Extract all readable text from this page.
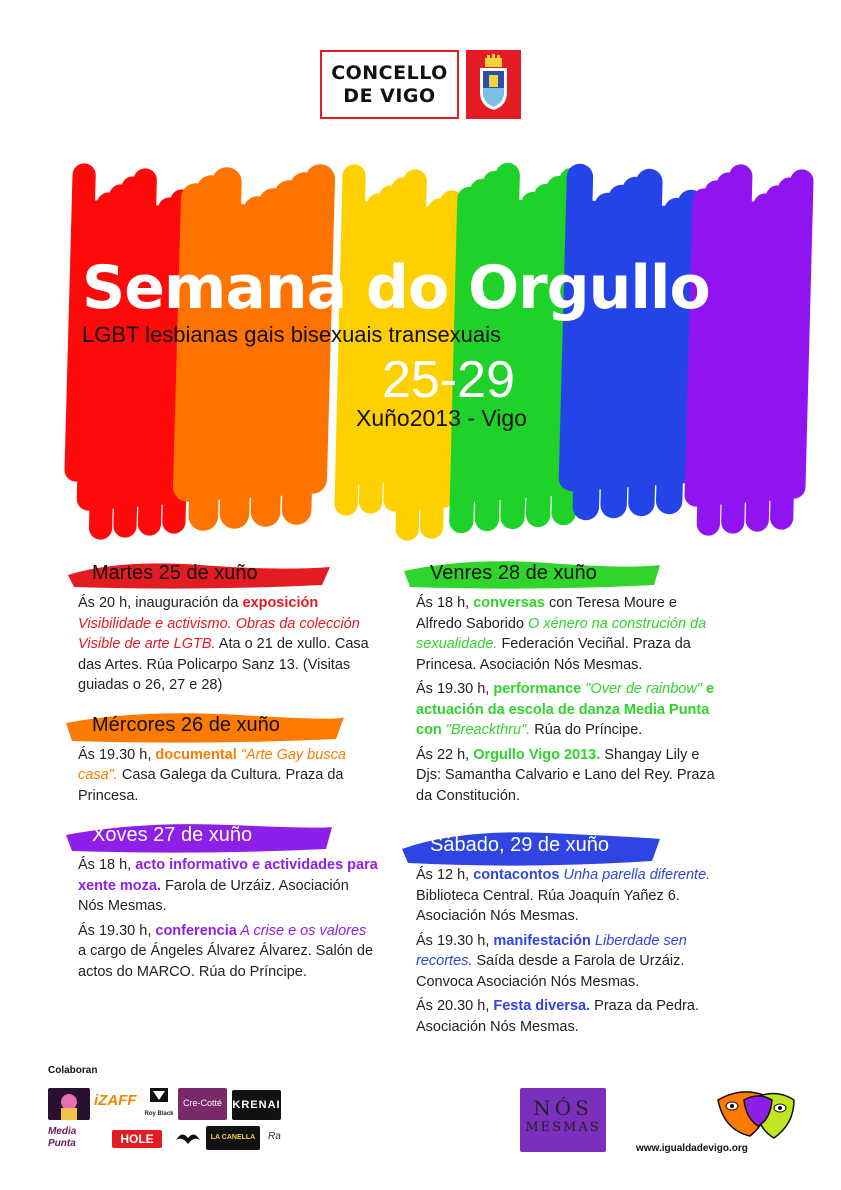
CONCELLO
DE VIGO
Semana do Orgullo
LGBT lesbianas gais bisexuais transexuais
25-29
Xuño2013 - Vigo
Martes 25 de xuño

Ás 20 h, inauguración da exposición Visibilidade e activismo. Obras da colección Visible de arte LGTB. Ata o 21 de xullo. Casa das Artes. Rúa Policarpo Sanz 13. (Visitas guiadas o 26, 27 e 28)

Mércores 26 de xuño

Ás 19.30 h, documental "Arte Gay busca casa". Casa Galega da Cultura. Praza da Princesa.

Xoves 27 de xuño

Ás 18 h, acto informativo e actividades para xente moza. Farola de Urzáiz. Asociación Nós Mesmas.

Ás 19.30 h, conferencia A crise e os valores a cargo de Ángeles Álvarez Álvarez. Salón de actos do MARCO. Rúa do Príncipe.

Venres 28 de xuño

Ás 18 h, conversas con Teresa Moure e Alfredo Saborido O xénero na construción da sexualidade. Federación Veciñal. Praza da Princesa. Asociación Nós Mesmas.

Ás 19.30 h, performance "Over de rainbow" e actuación da escola de danza Media Punta con "Breackthru". Rúa do Príncipe.

Ás 22 h, Orgullo Vigo 2013. Shangay Lily e Djs: Samantha Calvario e Lano del Rey. Praza da Constitución.

Sábado, 29 de xuño

Ás 12 h, contacontos Unha parella diferente. Biblioteca Central. Rúa Joaquín Yañez 6. Asociación Nós Mesmas.

Ás 19.30 h, manifestación Liberdade sen recortes. Saída desde a Farola de Urzáiz. Convoca Asociación Nós Mesmas.

Ás 20.30 h, Festa diversa. Praza da Pedra. Asociación Nós Mesmas.

Colaboran
iZAFF
Roy Black
Cre-Cotté KRENAI
Media Punta	HOLE	LA CANELLA	Ra
NÓS
MESMAS
www.igualdadevigo.org
